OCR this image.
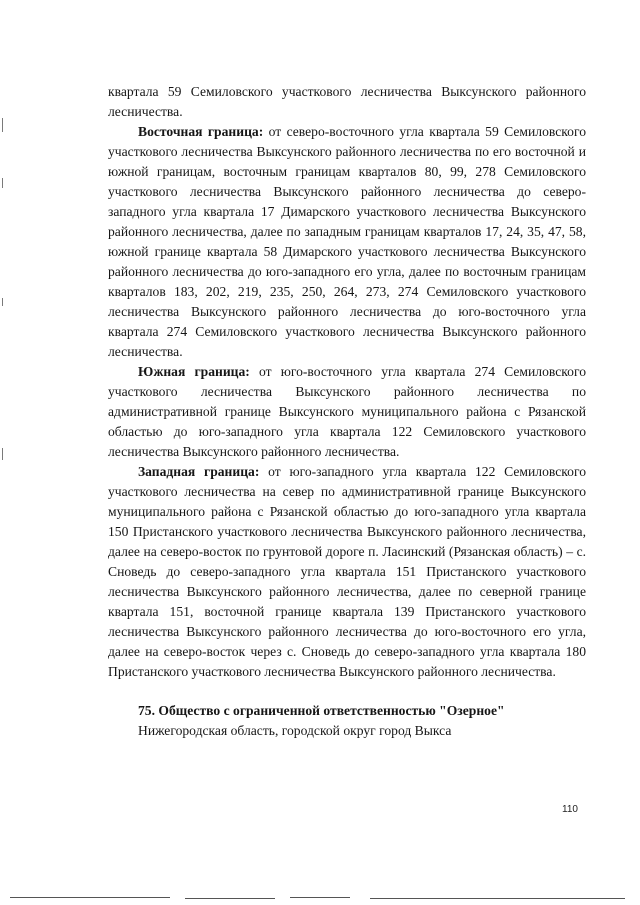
квартала 59 Семиловского участкового лесничества Выксунского районного лесничества.

Восточная граница: от северо-восточного угла квартала 59 Семиловского участкового лесничества Выксунского районного лесничества по его восточной и южной границам, восточным границам кварталов 80, 99, 278 Семиловского участкового лесничества Выксунского районного лесничества до северо-западного угла квартала 17 Димарского участкового лесничества Выксунского районного лесничества, далее по западным границам кварталов 17, 24, 35, 47, 58, южной границе квартала 58 Димарского участкового лесничества Выксунского районного лесничества до юго-западного его угла, далее по восточным границам кварталов 183, 202, 219, 235, 250, 264, 273, 274 Семиловского участкового лесничества Выксунского районного лесничества до юго-восточного угла квартала 274 Семиловского участкового лесничества Выксунского районного лесничества.

Южная граница: от юго-восточного угла квартала 274 Семиловского участкового лесничества Выксунского районного лесничества по административной границе Выксунского муниципального района с Рязанской областью до юго-западного угла квартала 122 Семиловского участкового лесничества Выксунского районного лесничества.

Западная граница: от юго-западного угла квартала 122 Семиловского участкового лесничества на север по административной границе Выксунского муниципального района с Рязанской областью до юго-западного угла квартала 150 Пристанского участкового лесничества Выксунского районного лесничества, далее на северо-восток по грунтовой дороге п. Ласинский (Рязанская область) – с. Сноведь до северо-западного угла квартала 151 Пристанского участкового лесничества Выксунского районного лесничества, далее по северной границе квартала 151, восточной границе квартала 139 Пристанского участкового лесничества Выксунского районного лесничества до юго-восточного его угла, далее на северо-восток через с. Сноведь до северо-западного угла квартала 180 Пристанского участкового лесничества Выксунского районного лесничества.

75. Общество с ограниченной ответственностью "Озерное"
Нижегородская область, городской округ город Выкса
110
